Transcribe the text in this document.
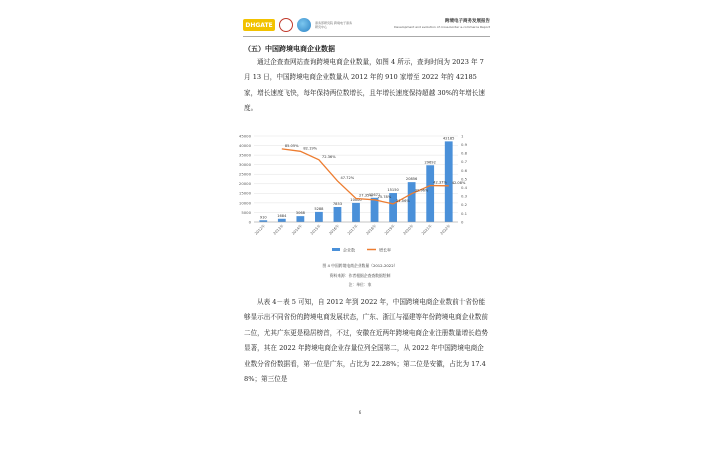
DHGATE	商务部研究院 跨境电子商务研究中心
跨境电子商务发展报告
Development and evolution of cross-border e-commerce Report
（五）中国跨境电商企业数据

通过企查查网站查询跨境电商企业数量，如图 4 所示，查询时间为 2023 年 7 月 13 日，中国跨境电商企业数量从 2012 年的 910 家增至 2022 年的 42185 家，增长速度飞快，每年保持两位数增长，且年增长速度保持超越 30%的年增长速度。

910	1684
3068
5288
7853
10000
12671
15150
20856
29692
42185
85.05%
82.19%
72.36%
47.72%
27.35% 25.78%
21.06%
32.96%
42.37% 42.08%
0
5000
10000
15000
20000
25000
30000
35000
40000
45000
0
0.1
0.2
0.3
0.4
0.5
0.6
0.7
0.8
0.9
1
2012年 2013年 2014年 2015年 2016年 2017年 2018年 2019年 2020年 2021年 2022年
企业数	增长率
图 4 中国跨境电商企业数量（2012-2022）
资料来源：作者根据企查查数据绘制
注：单位：家

从表 4－表 5 可知，自 2012 年到 2022 年，中国跨境电商企业数前十省份能够显示出不同省份的跨境电商发展状态，广东、浙江与福建等年份跨境电商企业数前二位，尤其广东更是稳居榜首，不过，安徽在近两年跨境电商企业注册数量增长趋势显著，其在 2022 年跨境电商企业存量位列全国第二，从 2022 年中国跨境电商企业数分省份数据看，第一位是广东，占比为 22.28%；第二位是安徽，占比为 17.48%；第三位是

6
